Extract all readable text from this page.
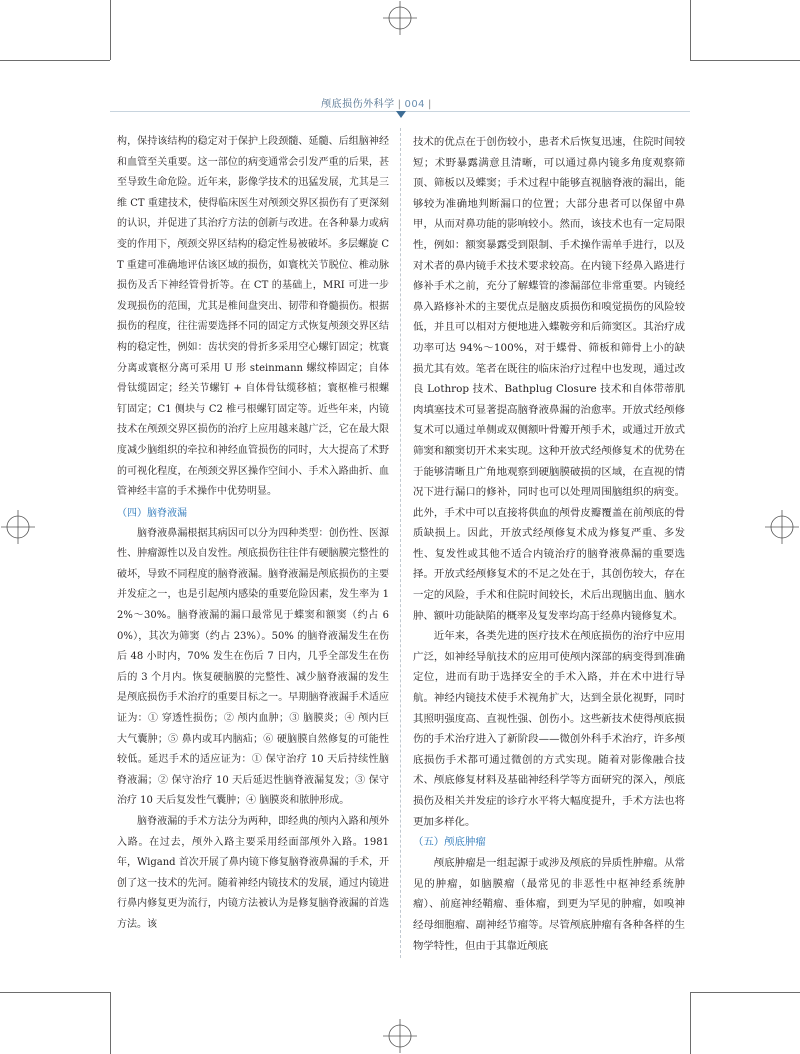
颅底损伤外科学 | 004 |

构，保持该结构的稳定对于保护上段颈髓、延髓、后组脑神经和血管至关重要。这一部位的病变通常会引发严重的后果，甚至导致生命危险。近年来，影像学技术的迅猛发展，尤其是三维 CT 重建技术，使得临床医生对颅颈交界区损伤有了更深刻的认识，并促进了其治疗方法的创新与改进。在各种暴力或病变的作用下，颅颈交界区结构的稳定性易被破坏。多层螺旋 CT 重建可准确地评估该区域的损伤，如寰枕关节脱位、椎动脉损伤及舌下神经管骨折等。在 CT 的基础上，MRI 可进一步发现损伤的范围，尤其是椎间盘突出、韧带和脊髓损伤。根据损伤的程度，往往需要选择不同的固定方式恢复颅颈交界区结构的稳定性，例如：齿状突的骨折多采用空心螺钉固定；枕寰分离或寰枢分离可采用 U 形 steinmann 螺纹棒固定；自体骨钛缆固定；经关节螺钉 + 自体骨钛缆移植；寰枢椎弓根螺钉固定；C1 侧块与 C2 椎弓根螺钉固定等。近些年来，内镜技术在颅颈交界区损伤的治疗上应用越来越广泛，它在最大限度减少脑组织的牵拉和神经血管损伤的同时，大大提高了术野的可视化程度，在颅颈交界区操作空间小、手术入路曲折、血管神经丰富的手术操作中优势明显。

（四）脑脊液漏

脑脊液鼻漏根据其病因可以分为四种类型：创伤性、医源性、肿瘤源性以及自发性。颅底损伤往往伴有硬脑膜完整性的破坏，导致不同程度的脑脊液漏。脑脊液漏是颅底损伤的主要并发症之一，也是引起颅内感染的重要危险因素，发生率为 12%～30%。脑脊液漏的漏口最常见于蝶窦和额窦（约占 60%），其次为筛窦（约占 23%）。50% 的脑脊液漏发生在伤后 48 小时内，70% 发生在伤后 7 日内，几乎全部发生在伤后的 3 个月内。恢复硬脑膜的完整性、减少脑脊液漏的发生是颅底损伤手术治疗的重要目标之一。早期脑脊液漏手术适应证为：① 穿透性损伤；② 颅内血肿；③ 脑膜炎；④ 颅内巨大气囊肿；⑤ 鼻内或耳内脑疝；⑥ 硬脑膜自然修复的可能性较低。延迟手术的适应证为：① 保守治疗 10 天后持续性脑脊液漏；② 保守治疗 10 天后延迟性脑脊液漏复发；③ 保守治疗 10 天后复发性气囊肿；④ 脑膜炎和脓肿形成。

脑脊液漏的手术方法分为两种，即经典的颅内入路和颅外入路。在过去，颅外入路主要采用经面部颅外入路。1981 年，Wigand 首次开展了鼻内镜下修复脑脊液鼻漏的手术，开创了这一技术的先河。随着神经内镜技术的发展，通过内镜进行鼻内修复更为流行，内镜方法被认为是修复脑脊液漏的首选方法。该

技术的优点在于创伤较小，患者术后恢复迅速，住院时间较短；术野暴露满意且清晰，可以通过鼻内镜多角度观察筛顶、筛板以及蝶窦；手术过程中能够直视脑脊液的漏出，能够较为准确地判断漏口的位置；大部分患者可以保留中鼻甲，从而对鼻功能的影响较小。然而，该技术也有一定局限性，例如：额窦暴露受到限制、手术操作需单手进行，以及对术者的鼻内镜手术技术要求较高。在内镜下经鼻入路进行修补手术之前，充分了解蝶管的渗漏部位非常重要。内镜经鼻入路修补术的主要优点是脑皮质损伤和嗅觉损伤的风险较低，并且可以相对方便地进入蝶鞍旁和后筛窦区。其治疗成功率可达 94%～100%，对于蝶骨、筛板和筛骨上小的缺损尤其有效。笔者在既往的临床治疗过程中也发现，通过改良 Lothrop 技术、Bathplug Closure 技术和自体带蒂肌肉填塞技术可显著提高脑脊液鼻漏的治愈率。开放式经颅修复术可以通过单侧或双侧额叶骨瓣开颅手术，或通过开放式筛窦和额窦切开术来实现。这种开放式经颅修复术的优势在于能够清晰且广角地观察到硬脑膜破损的区域，在直视的情况下进行漏口的修补，同时也可以处理周围脑组织的病变。此外，手术中可以直接将供血的颅骨皮瓣覆盖在前颅底的骨质缺损上。因此，开放式经颅修复术成为修复严重、多发性、复发性或其他不适合内镜治疗的脑脊液鼻漏的重要选择。开放式经颅修复术的不足之处在于，其创伤较大，存在一定的风险，手术和住院时间较长，术后出现脑出血、脑水肿、额叶功能缺陷的概率及复发率均高于经鼻内镜修复术。

近年来，各类先进的医疗技术在颅底损伤的治疗中应用广泛，如神经导航技术的应用可使颅内深部的病变得到准确定位，进而有助于选择安全的手术入路，并在术中进行导航。神经内镜技术使手术视角扩大，达到全景化视野，同时其照明强度高、直视性强、创伤小。这些新技术使得颅底损伤的手术治疗进入了新阶段——微创外科手术治疗，许多颅底损伤手术都可通过微创的方式实现。随着对影像融合技术、颅底修复材料及基础神经科学等方面研究的深入，颅底损伤及相关并发症的诊疗水平将大幅度提升，手术方法也将更加多样化。

（五）颅底肿瘤

颅底肿瘤是一组起源于或涉及颅底的异质性肿瘤。从常见的肿瘤，如脑膜瘤（最常见的非恶性中枢神经系统肿瘤）、前庭神经鞘瘤、垂体瘤，到更为罕见的肿瘤，如嗅神经母细胞瘤、副神经节瘤等。尽管颅底肿瘤有各种各样的生物学特性，但由于其靠近颅底
